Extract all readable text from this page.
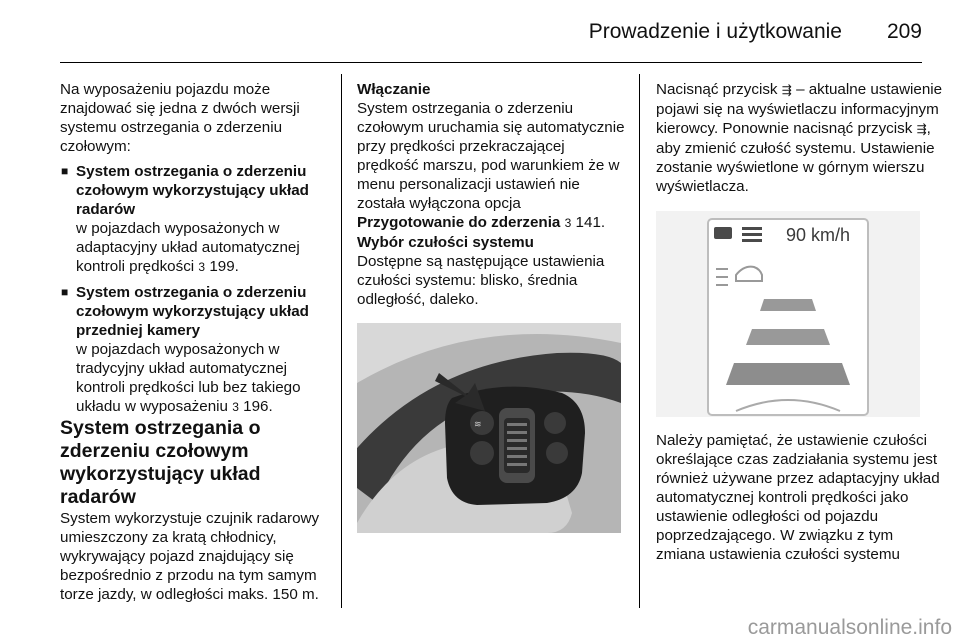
Prowadzenie i użytkowanie 209

Na wyposażeniu pojazdu może znajdować się jedna z dwóch wersji systemu ostrzegania o zderzeniu czołowym:

■ System ostrzegania o zderzeniu czołowym wykorzystujący układ radarów

w pojazdach wyposażonych w adaptacyjny układ automatycznej kontroli prędkości 3 199.

■ System ostrzegania o zderzeniu czołowym wykorzystujący układ przedniej kamery

w pojazdach wyposażonych w tradycyjny układ automatycznej kontroli prędkości lub bez takiego układu w wyposażeniu 3 196.

System ostrzegania o zderzeniu czołowym wykorzystujący układ radarów

System wykorzystuje czujnik radarowy umieszczony za kratą chłodnicy, wykrywający pojazd znajdujący się bezpośrednio z przodu na tym samym torze jazdy, w odległości maks. 150 m.

Włączanie

System ostrzegania o zderzeniu czołowym uruchamia się automatycznie przy prędkości przekraczającej prędkość marszu, pod warunkiem że w menu personalizacji ustawień nie została wyłączona opcja Przygotowanie do zderzenia 3 141.

Wybór czułości systemu

Dostępne są następujące ustawienia czułości systemu: blisko, średnia odległość, daleko.

≋

Nacisnąć przycisk ⇶ – aktualne ustawienie pojawi się na wyświetlaczu informacyjnym kierowcy. Ponownie nacisnąć przycisk ⇶, aby zmienić czułość systemu. Ustawienie zostanie wyświetlone w górnym wierszu wyświetlacza.

90 km/h

Należy pamiętać, że ustawienie czułości określające czas zadziałania systemu jest również używane przez adaptacyjny układ automatycznej kontroli prędkości jako ustawienie odległości od pojazdu poprzedzającego. W związku z tym zmiana ustawienia czułości systemu

carmanualsonline.info
